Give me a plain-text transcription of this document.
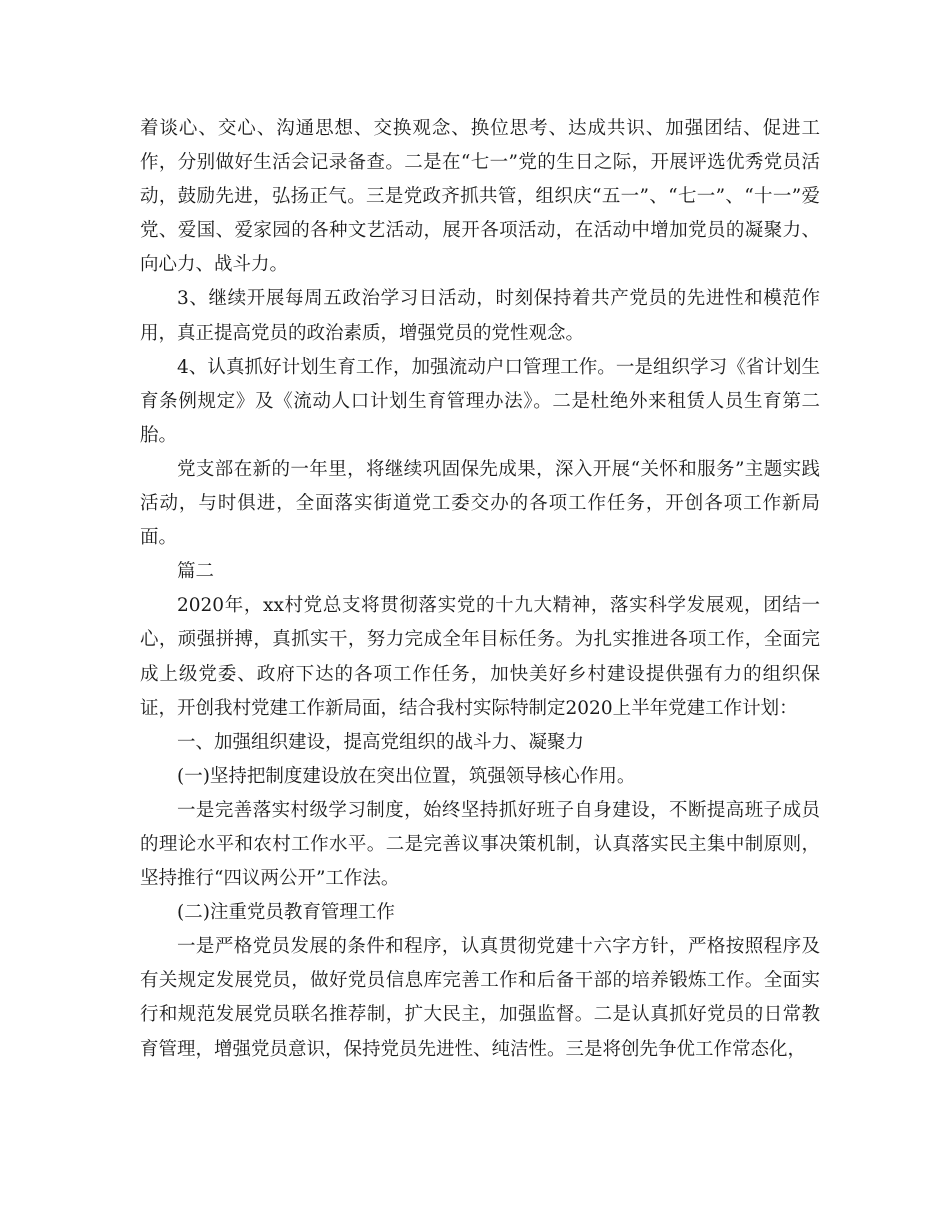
着谈心、交心、沟通思想、交换观念、换位思考、达成共识、加强团结、促进工作，分别做好生活会记录备查。二是在“七一”党的生日之际，开展评选优秀党员活动，鼓励先进，弘扬正气。三是党政齐抓共管，组织庆“五一”、“七一”、“十一”爱党、爱国、爱家园的各种文艺活动，展开各项活动，在活动中增加党员的凝聚力、向心力、战斗力。

3、继续开展每周五政治学习日活动，时刻保持着共产党员的先进性和模范作用，真正提高党员的政治素质，增强党员的党性观念。

4、认真抓好计划生育工作，加强流动户口管理工作。一是组织学习《省计划生育条例规定》及《流动人口计划生育管理办法》。二是杜绝外来租赁人员生育第二胎。

党支部在新的一年里，将继续巩固保先成果，深入开展“关怀和服务”主题实践活动，与时俱进，全面落实街道党工委交办的各项工作任务，开创各项工作新局面。

篇二

2020年，xx村党总支将贯彻落实党的十九大精神，落实科学发展观，团结一心，顽强拼搏，真抓实干，努力完成全年目标任务。为扎实推进各项工作，全面完成上级党委、政府下达的各项工作任务，加快美好乡村建设提供强有力的组织保证，开创我村党建工作新局面，结合我村实际特制定2020上半年党建工作计划：

一、加强组织建设，提高党组织的战斗力、凝聚力

(一)坚持把制度建设放在突出位置，筑强领导核心作用。

一是完善落实村级学习制度，始终坚持抓好班子自身建设，不断提高班子成员的理论水平和农村工作水平。二是完善议事决策机制，认真落实民主集中制原则，坚持推行“四议两公开”工作法。

(二)注重党员教育管理工作

一是严格党员发展的条件和程序，认真贯彻党建十六字方针，严格按照程序及有关规定发展党员，做好党员信息库完善工作和后备干部的培养锻炼工作。全面实行和规范发展党员联名推荐制，扩大民主，加强监督。二是认真抓好党员的日常教育管理，增强党员意识，保持党员先进性、纯洁性。三是将创先争优工作常态化，
